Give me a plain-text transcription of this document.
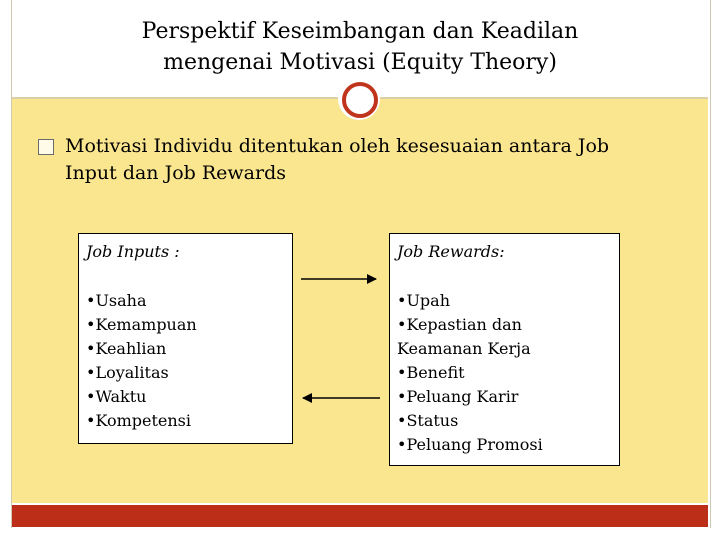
Perspektif Keseimbangan dan Keadilan
mengenai Motivasi (Equity Theory)
Motivasi Individu ditentukan oleh kesesuaian antara Job
Input dan Job Rewards
Job Inputs :
•Usaha
•Kemampuan
•Keahlian
•Loyalitas
•Waktu
•Kompetensi
Job Rewards:
•Upah
•Kepastian dan
Keamanan Kerja
•Benefit
•Peluang Karir
•Status
•Peluang Promosi
